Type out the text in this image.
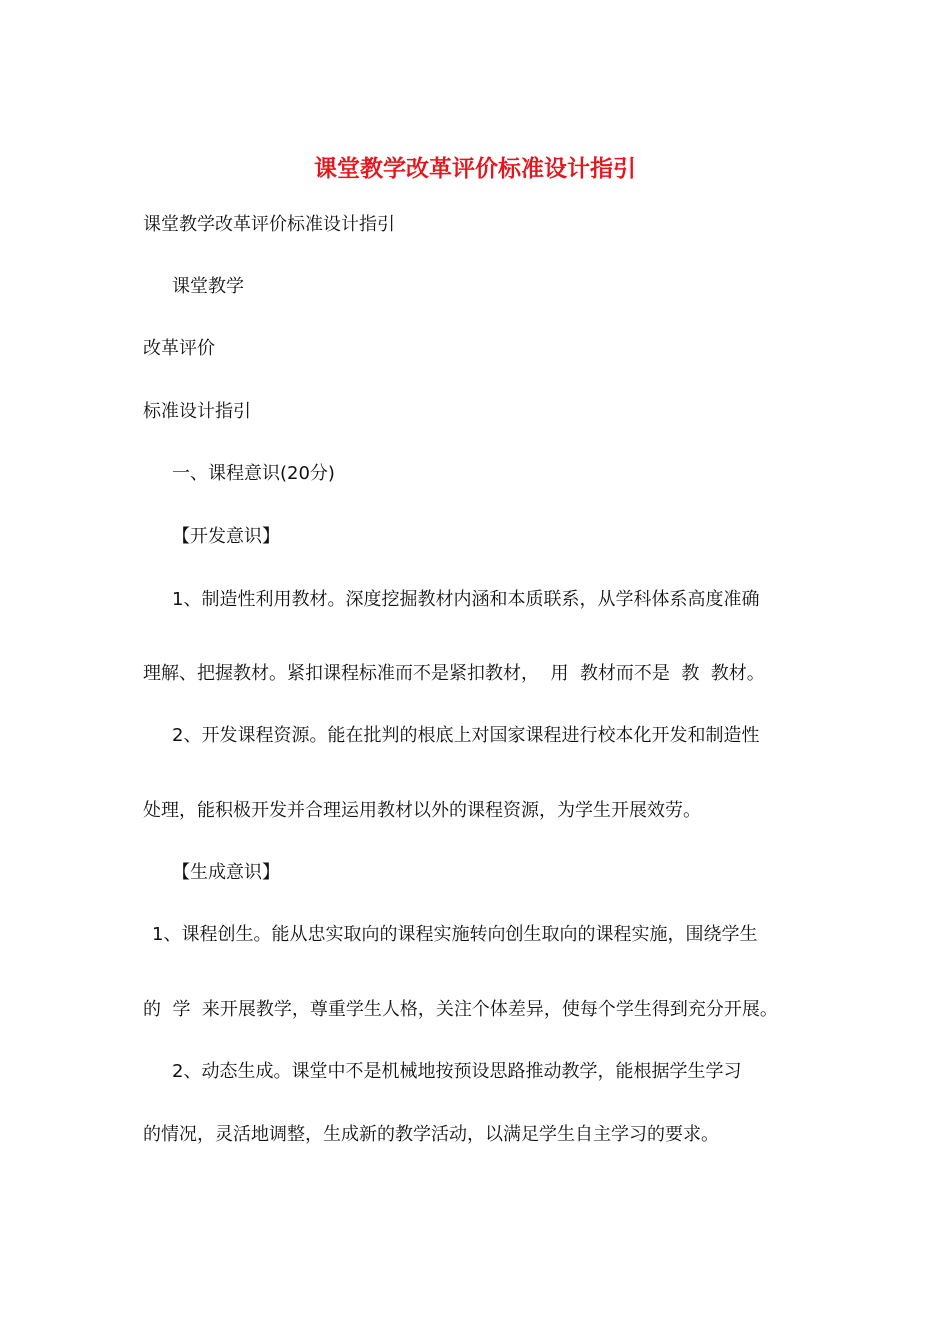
课堂教学改革评价标准设计指引
课堂教学改革评价标准设计指引
课堂教学
改革评价
标准设计指引
一、课程意识(20分)
【开发意识】
1、制造性利用教材。深度挖掘教材内涵和本质联系，从学科体系高度准确
理解、把握教材。紧扣课程标准而不是紧扣教材，  用  教材而不是  教  教材。
2、开发课程资源。能在批判的根底上对国家课程进行校本化开发和制造性
处理，能积极开发并合理运用教材以外的课程资源，为学生开展效劳。
【生成意识】
1、课程创生。能从忠实取向的课程实施转向创生取向的课程实施，围绕学生
的  学  来开展教学，尊重学生人格，关注个体差异，使每个学生得到充分开展。
2、动态生成。课堂中不是机械地按预设思路推动教学，能根据学生学习
的情况，灵活地调整，生成新的教学活动，以满足学生自主学习的要求。
